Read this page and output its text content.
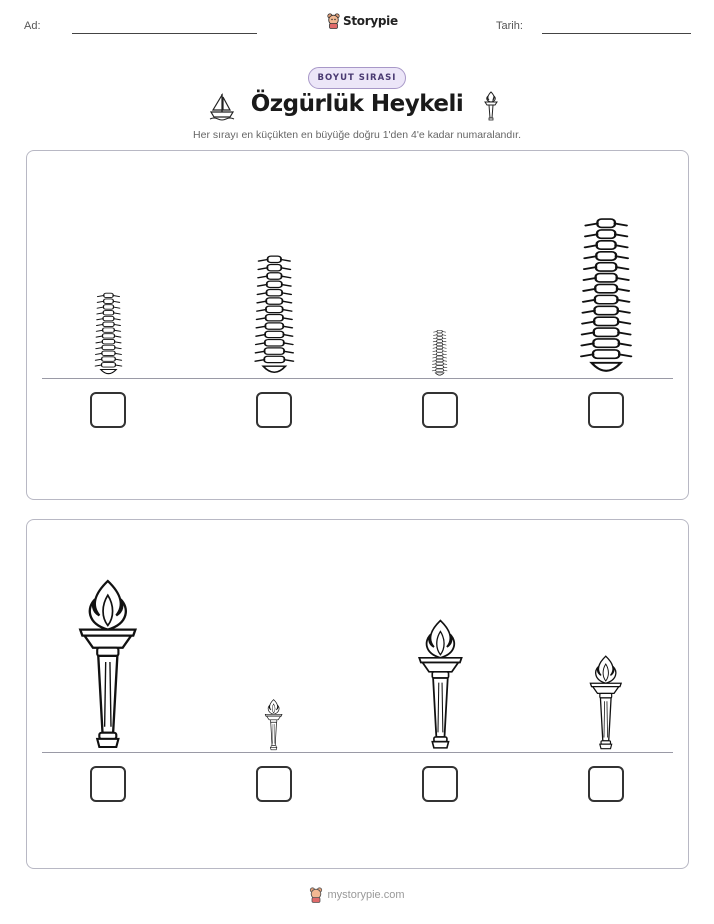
Ad:	Storypie	Tarih:
BOYUT SIRASI
Özgürlük Heykeli
Her sırayı en küçükten en büyüğe doğru 1'den 4'e kadar numaralandır.
mystorypie.com
